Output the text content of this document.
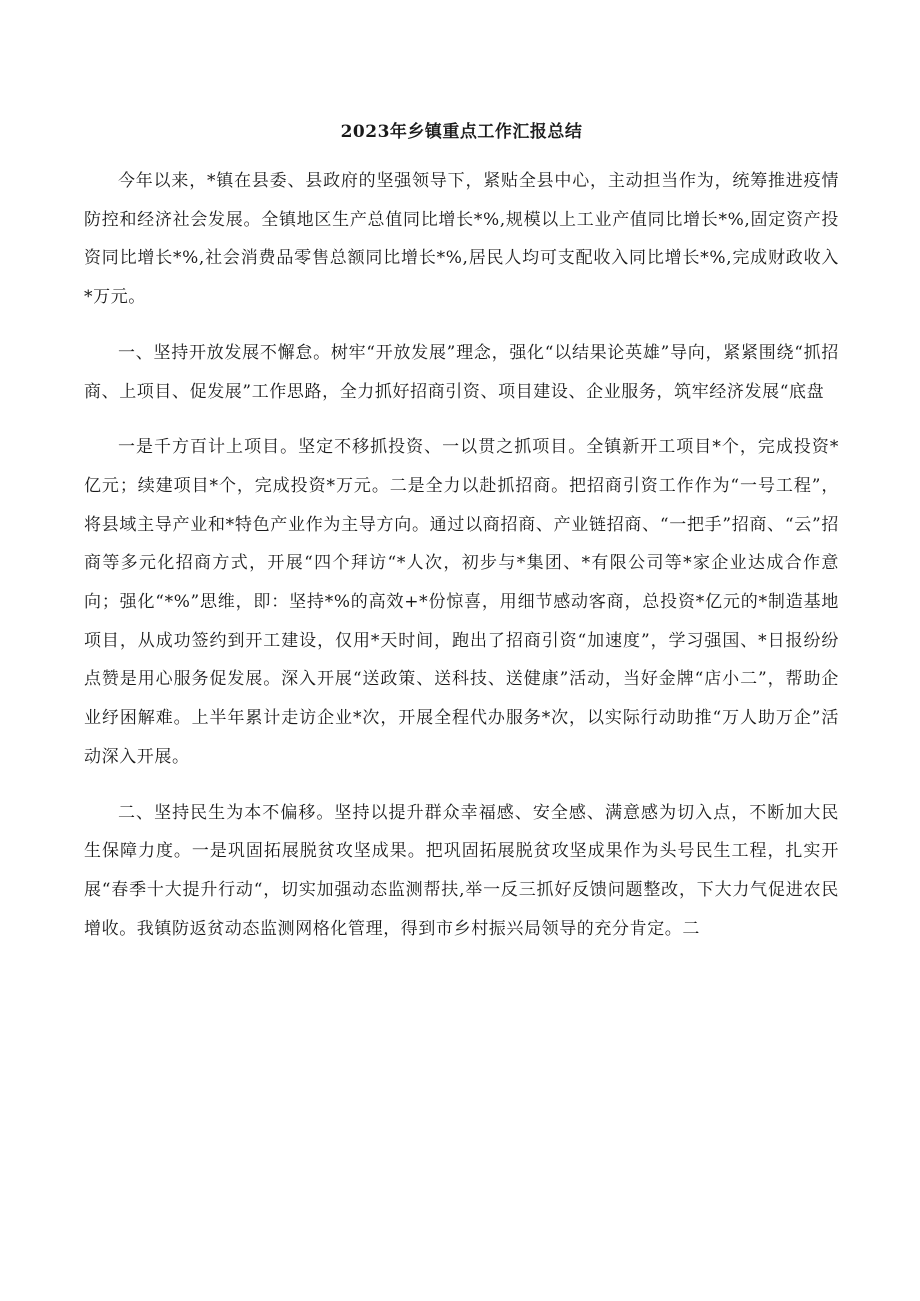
2023年乡镇重点工作汇报总结

今年以来，*镇在县委、县政府的坚强领导下，紧贴全县中心，主动担当作为，统筹推进疫情防控和经济社会发展。全镇地区生产总值同比增长*%,规模以上工业产值同比增长*%,固定资产投资同比增长*%,社会消费品零售总额同比增长*%,居民人均可支配收入同比增长*%,完成财政收入*万元。

一、坚持开放发展不懈怠。树牢“开放发展”理念，强化“以结果论英雄”导向，紧紧围绕“抓招商、上项目、促发展”工作思路，全力抓好招商引资、项目建设、企业服务，筑牢经济发展“底盘

一是千方百计上项目。坚定不移抓投资、一以贯之抓项目。全镇新开工项目*个，完成投资*亿元；续建项目*个，完成投资*万元。二是全力以赴抓招商。把招商引资工作作为“一号工程”，将县域主导产业和*特色产业作为主导方向。通过以商招商、产业链招商、“一把手”招商、“云”招商等多元化招商方式，开展“四个拜访“*人次，初步与*集团、*有限公司等*家企业达成合作意向；强化“*%”思维，即：坚持*%的高效+*份惊喜，用细节感动客商，总投资*亿元的*制造基地项目，从成功签约到开工建设，仅用*天时间，跑出了招商引资“加速度”，学习强国、*日报纷纷点赞是用心服务促发展。深入开展“送政策、送科技、送健康”活动，当好金牌“店小二”，帮助企业纾困解难。上半年累计走访企业*次，开展全程代办服务*次，以实际行动助推“万人助万企”活动深入开展。

二、坚持民生为本不偏移。坚持以提升群众幸福感、安全感、满意感为切入点，不断加大民生保障力度。一是巩固拓展脱贫攻坚成果。把巩固拓展脱贫攻坚成果作为头号民生工程，扎实开展“春季十大提升行动“，切实加强动态监测帮扶,举一反三抓好反馈问题整改，下大力气促进农民增收。我镇防返贫动态监测网格化管理，得到市乡村振兴局领导的充分肯定。二
